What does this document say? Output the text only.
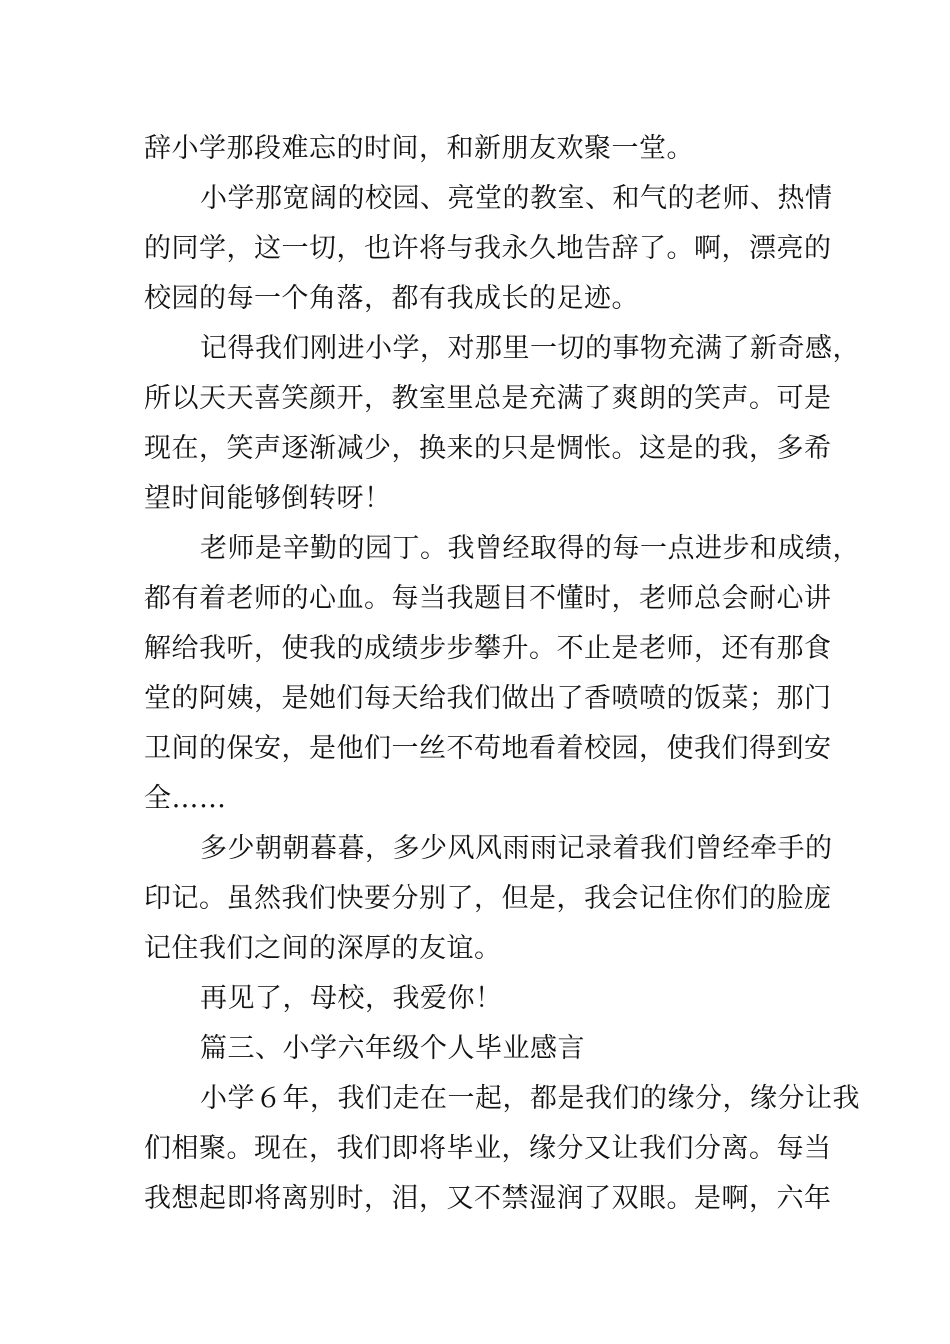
辞小学那段难忘的时间，和新朋友欢聚一堂。
小学那宽阔的校园、亮堂的教室、和气的老师、热情
的同学，这一切，也许将与我永久地告辞了。啊，漂亮的
校园的每一个角落，都有我成长的足迹。
记得我们刚进小学，对那里一切的事物充满了新奇感，
所以天天喜笑颜开，教室里总是充满了爽朗的笑声。可是
现在，笑声逐渐减少，换来的只是惆怅。这是的我，多希
望时间能够倒转呀！
老师是辛勤的园丁。我曾经取得的每一点进步和成绩，
都有着老师的心血。每当我题目不懂时，老师总会耐心讲
解给我听，使我的成绩步步攀升。不止是老师，还有那食
堂的阿姨，是她们每天给我们做出了香喷喷的饭菜；那门
卫间的保安，是他们一丝不苟地看着校园，使我们得到安
全……
多少朝朝暮暮，多少风风雨雨记录着我们曾经牵手的
印记。虽然我们快要分别了，但是，我会记住你们的脸庞
记住我们之间的深厚的友谊。
再见了，母校，我爱你！
篇三、小学六年级个人毕业感言
小学６年，我们走在一起，都是我们的缘分，缘分让我
们相聚。现在，我们即将毕业，缘分又让我们分离。每当
我想起即将离别时，泪，又不禁湿润了双眼。是啊，六年
